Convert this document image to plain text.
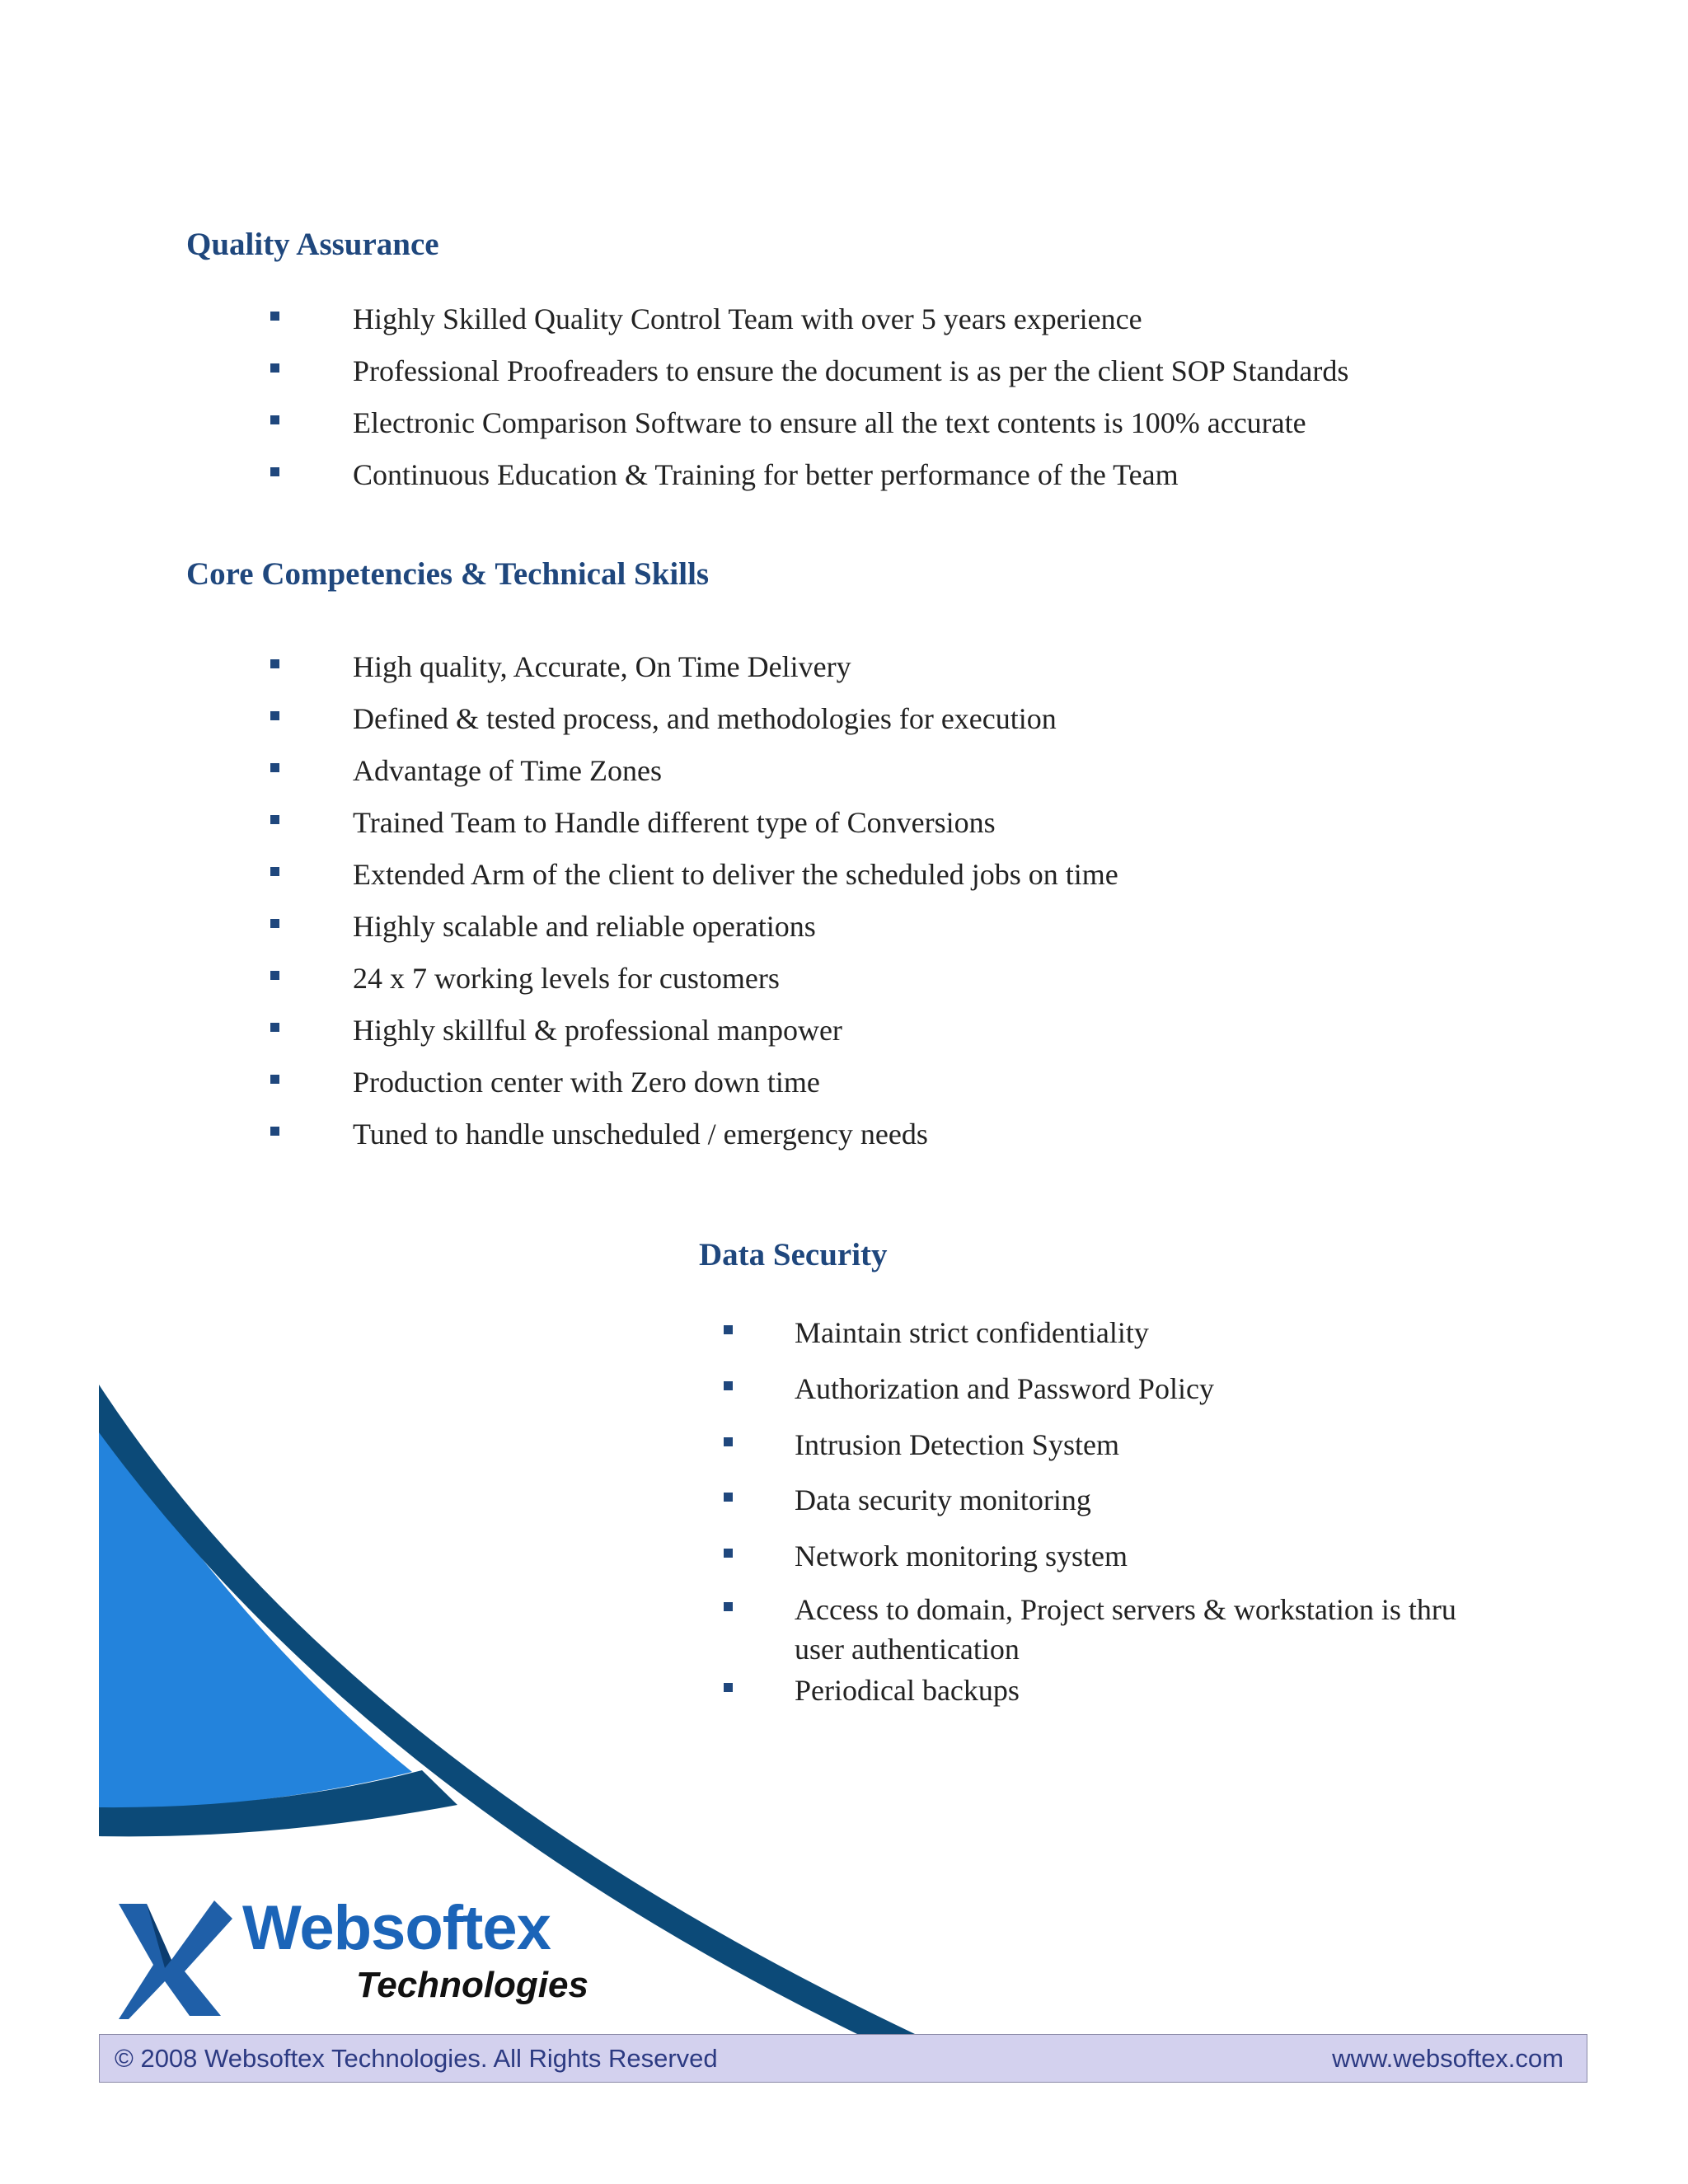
Quality Assurance
Highly Skilled Quality Control Team with over 5 years experience
Professional Proofreaders to ensure the document is as per the client SOP Standards
Electronic Comparison Software to ensure all the text contents is 100% accurate
Continuous Education & Training for better performance of the Team
Core Competencies & Technical Skills
High quality, Accurate, On Time Delivery
Defined & tested process, and methodologies for execution
Advantage of Time Zones
Trained Team to Handle different type of Conversions
Extended Arm of the client to deliver the scheduled jobs on time
Highly scalable and reliable operations
24 x 7 working levels for customers
Highly skillful & professional manpower
Production center with Zero down time
Tuned to handle unscheduled / emergency needs
Data Security
Maintain strict confidentiality
Authorization and Password Policy
Intrusion Detection System
Data security monitoring
Network monitoring system
Access to domain, Project servers & workstation is thru
user authentication
Periodical backups

Websoftex

Technologies

© 2008 Websoftex Technologies. All Rights Reserved	www.websoftex.com
